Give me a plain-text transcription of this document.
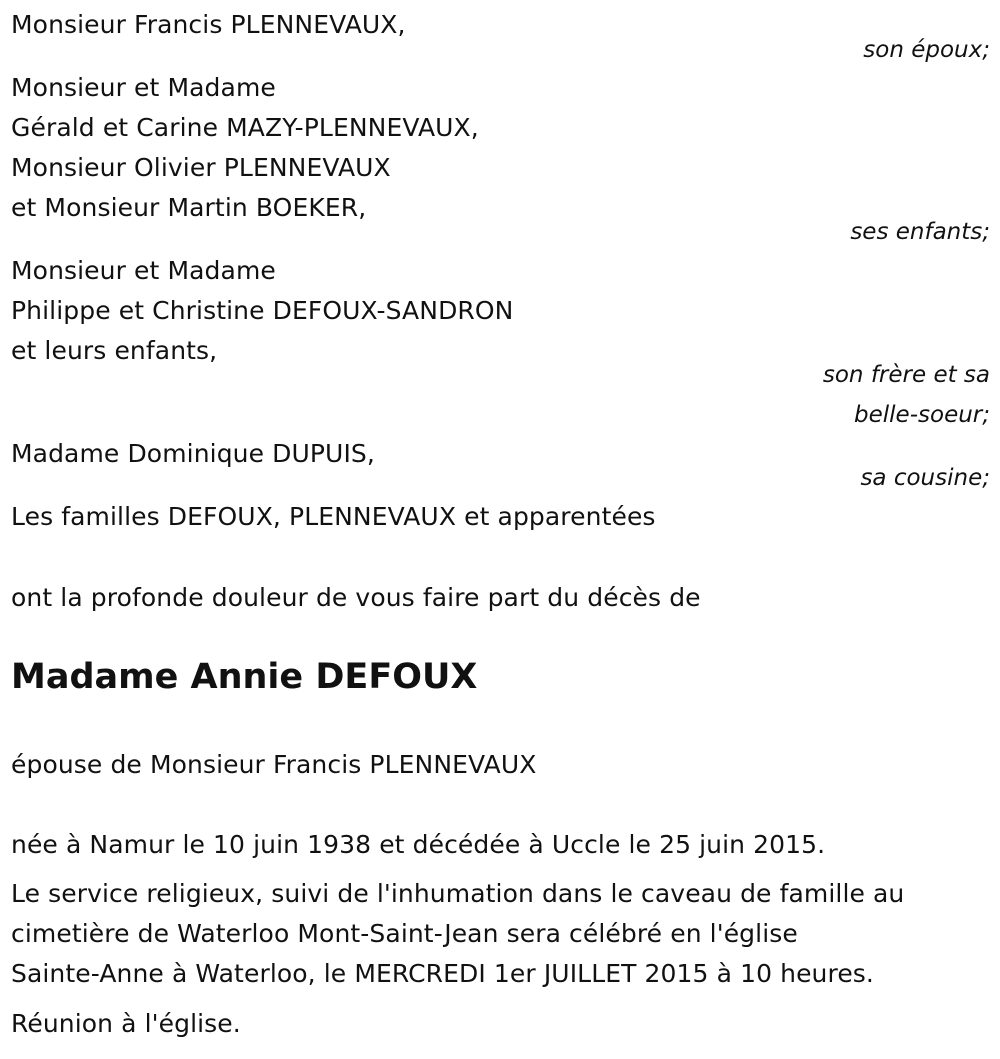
Monsieur Francis PLENNEVAUX,
son époux;
Monsieur et Madame
Gérald et Carine MAZY-PLENNEVAUX,
Monsieur Olivier PLENNEVAUX
et Monsieur Martin BOEKER,
ses enfants;
Monsieur et Madame
Philippe et Christine DEFOUX-SANDRON
et leurs enfants,
son frère et sa
belle-soeur;
Madame Dominique DUPUIS,
sa cousine;
Les familles DEFOUX, PLENNEVAUX et apparentées
ont la profonde douleur de vous faire part du décès de
Madame Annie DEFOUX
épouse de Monsieur Francis PLENNEVAUX
née à Namur le 10 juin 1938 et décédée à Uccle le 25 juin 2015.
Le service religieux, suivi de l'inhumation dans le caveau de famille au
cimetière de Waterloo Mont-Saint-Jean sera célébré en l'église
Sainte-Anne à Waterloo, le MERCREDI 1er JUILLET 2015 à 10 heures.
Réunion à l'église.
